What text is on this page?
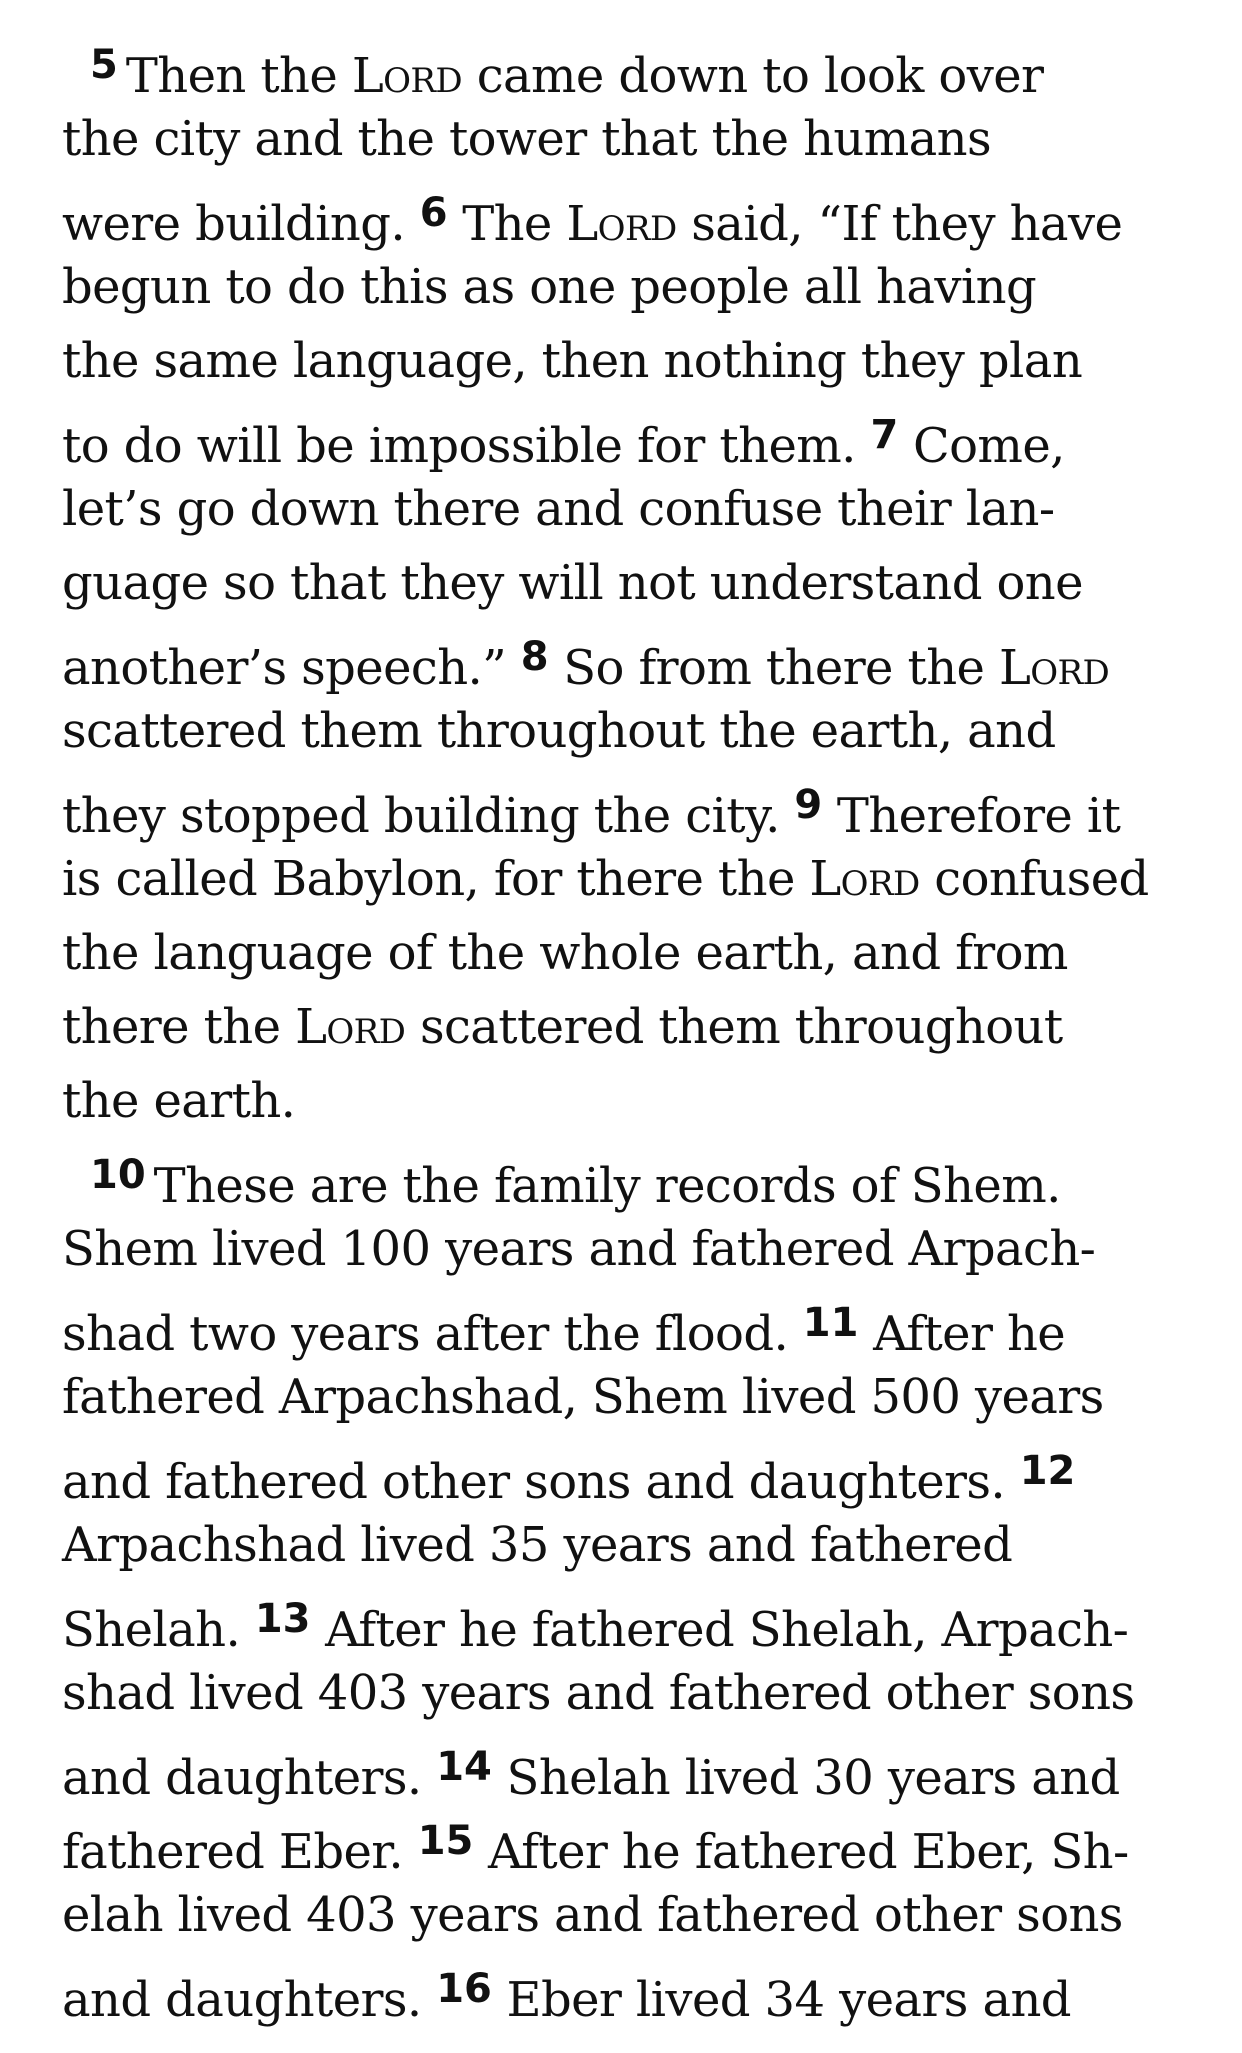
$^5$ Then the Lord came down to look over
the city and the tower that the humans
were building. $^6$ The Lord said, “If they have
begun to do this as one people all having
the same language, then nothing they plan
to do will be impossible for them. $^7$ Come,
let’s go down there and confuse their lan-
guage so that they will not understand one
another’s speech.” $^8$ So from there the Lord
scattered them throughout the earth, and
they stopped building the city. $^9$ Therefore it
is called Babylon, for there the Lord confused
the language of the whole earth, and from
there the Lord scattered them throughout
the earth.
$^{10}$ These are the family records of Shem.
Shem lived 100 years and fathered Arpach-
shad two years after the flood. $^{11}$ After he
fathered Arpachshad, Shem lived 500 years
and fathered other sons and daughters. $^{12}$
Arpachshad lived 35 years and fathered
Shelah. $^{13}$ After he fathered Shelah, Arpach-
shad lived 403 years and fathered other sons
and daughters. $^{14}$ Shelah lived 30 years and
fathered Eber. $^{15}$ After he fathered Eber, Sh-
elah lived 403 years and fathered other sons
and daughters. $^{16}$ Eber lived 34 years and
